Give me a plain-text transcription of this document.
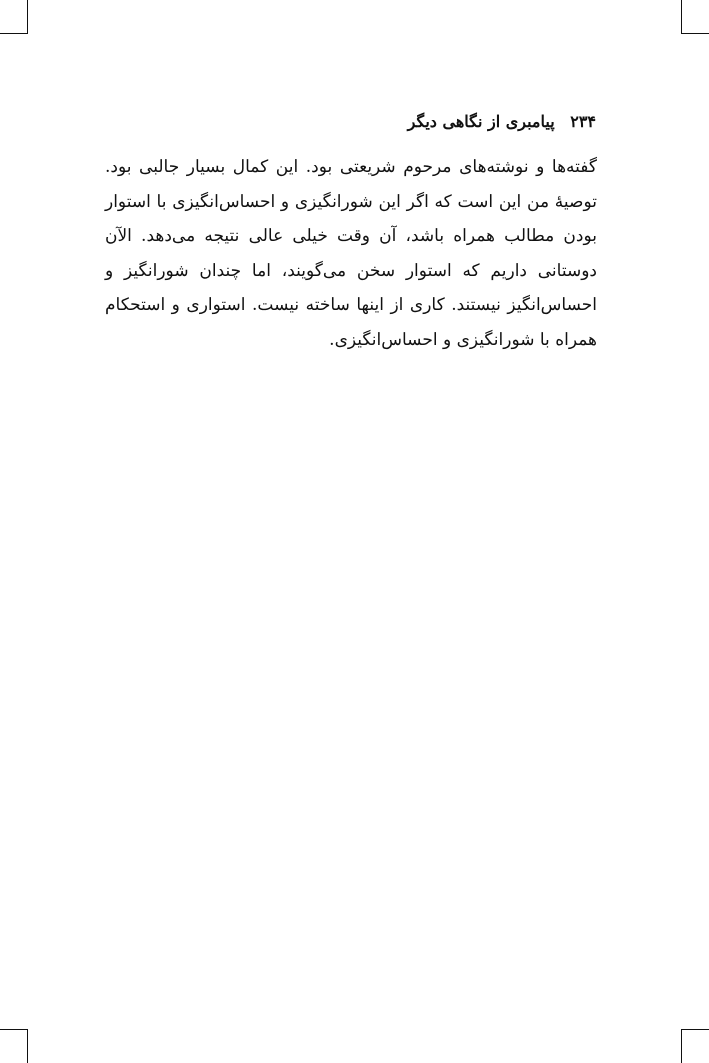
۲۳۴ پیامبری از نگاهی دیگر
گفته‌ها و نوشته‌های مرحوم شریعتی بود. این کمال بسیار جالبی بود.
توصیهٔ من این است که اگر این شورانگیزی و احساس‌انگیزی با استوار
بودن مطالب همراه باشد، آن وقت خیلی عالی نتیجه می‌دهد. الآن
دوستانی داریم که استوار سخن می‌گویند، اما چندان شورانگیز و
احساس‌انگیز نیستند. کاری از اینها ساخته نیست. استواری و استحکام
همراه با شورانگیزی و احساس‌انگیزی.
